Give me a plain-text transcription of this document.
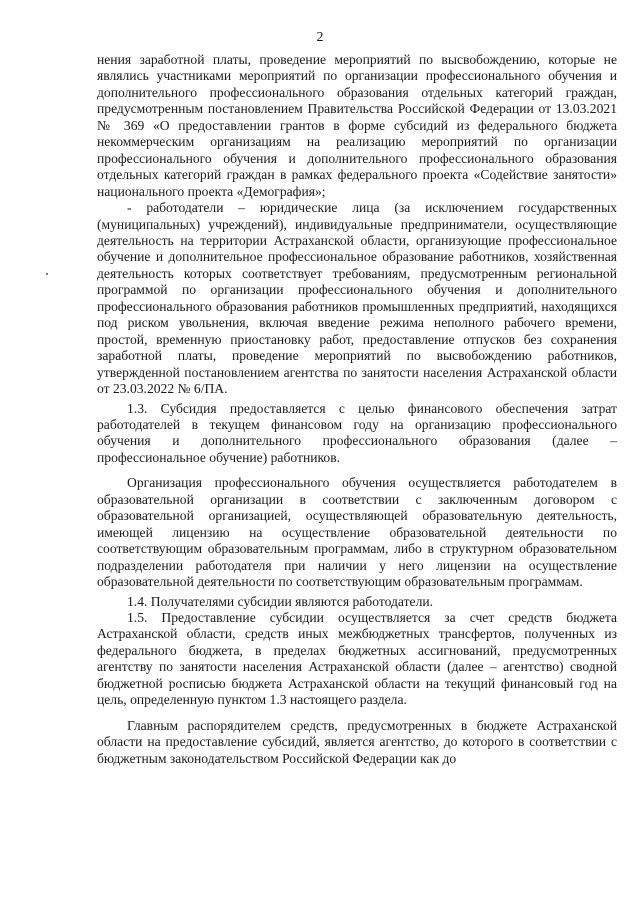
2

нения заработной платы, проведение мероприятий по высвобождению, которые не являлись участниками мероприятий по организации профессионального обучения и дополнительного профессионального образования отдельных категорий граждан, предусмотренным постановлением Правительства Российской Федерации от 13.03.2021 № 369 «О предоставлении грантов в форме субсидий из федерального бюджета некоммерческим организациям на реализацию мероприятий по организации профессионального обучения и дополнительного профессионального образования отдельных категорий граждан в рамках федерального проекта «Содействие занятости» национального проекта «Демография»;

- работодатели – юридические лица (за исключением государственных (муниципальных) учреждений), индивидуальные предприниматели, осуществляющие деятельность на территории Астраханской области, организующие профессиональное обучение и дополнительное профессиональное образование работников, хозяйственная деятельность которых соответствует требованиям, предусмотренным региональной программой по организации профессионального обучения и дополнительного профессионального образования работников промышленных предприятий, находящихся под риском увольнения, включая введение режима неполного рабочего времени, простой, временную приостановку работ, предоставление отпусков без сохранения заработной платы, проведение мероприятий по высвобождению работников, утвержденной постановлением агентства по занятости населения Астраханской области от 23.03.2022 № 6/ПА.

1.3. Субсидия предоставляется с целью финансового обеспечения затрат работодателей в текущем финансовом году на организацию профессионального обучения и дополнительного профессионального образования (далее – профессиональное обучение) работников.

Организация профессионального обучения осуществляется работодателем в образовательной организации в соответствии с заключенным договором с образовательной организацией, осуществляющей образовательную деятельность, имеющей лицензию на осуществление образовательной деятельности по соответствующим образовательным программам, либо в структурном образовательном подразделении работодателя при наличии у него лицензии на осуществление образовательной деятельности по соответствующим образовательным программам.

1.4. Получателями субсидии являются работодатели.

1.5. Предоставление субсидии осуществляется за счет средств бюджета Астраханской области, средств иных межбюджетных трансфертов, полученных из федерального бюджета, в пределах бюджетных ассигнований, предусмотренных агентству по занятости населения Астраханской области (далее – агентство) сводной бюджетной росписью бюджета Астраханской области на текущий финансовый год на цель, определенную пунктом 1.3 настоящего раздела.

Главным распорядителем средств, предусмотренных в бюджете Астраханской области на предоставление субсидий, является агентство, до которого в соответствии с бюджетным законодательством Российской Федерации как до
